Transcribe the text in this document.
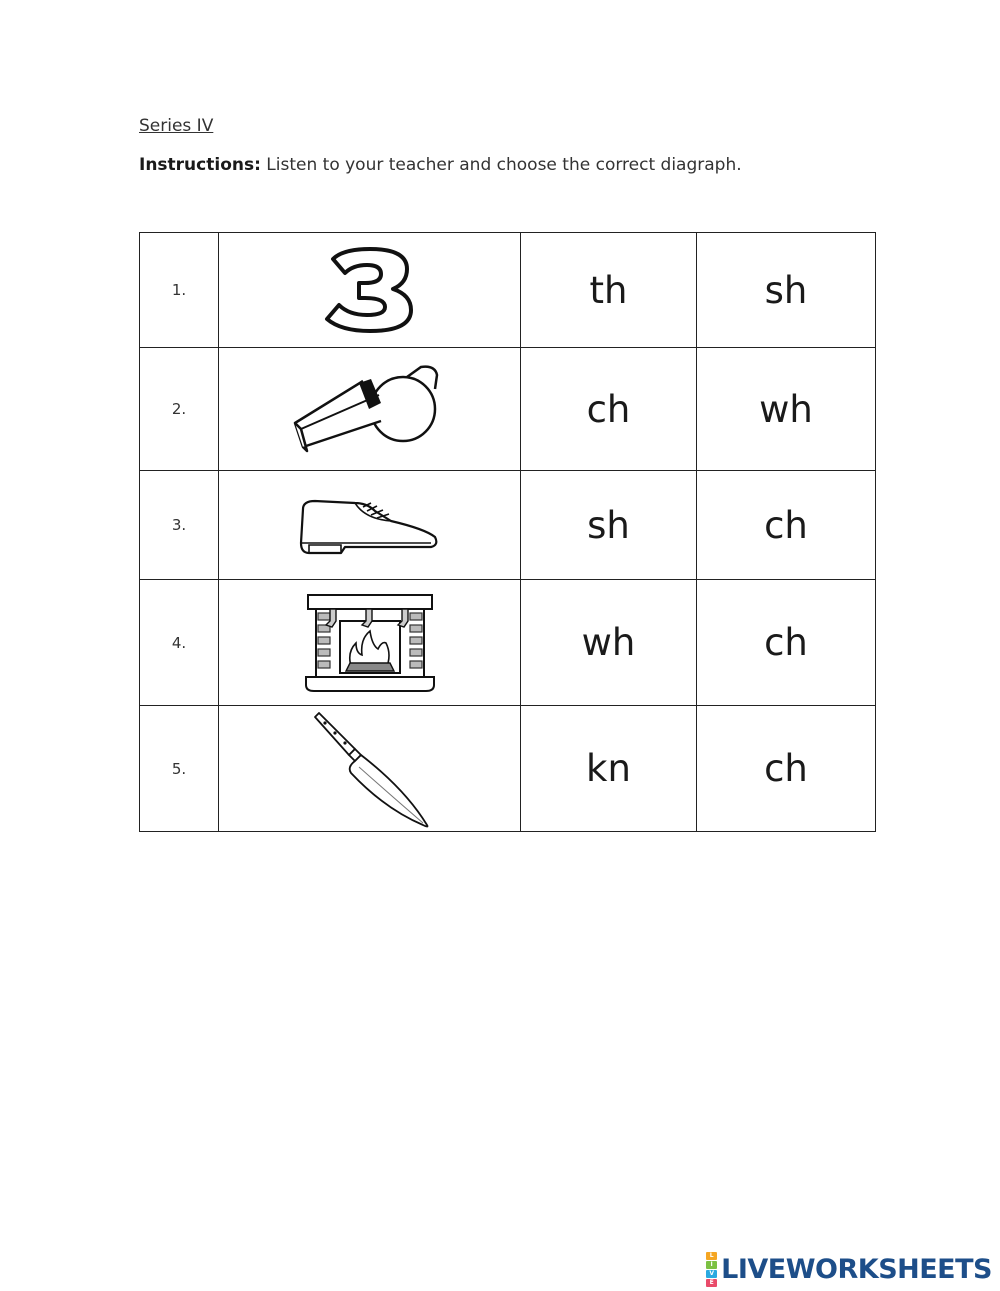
Series IV

Instructions: Listen to your teacher and choose the correct diagraph.

1.		th	sh
2.		ch	wh
3.		sh	ch
4.		wh	ch
5.		kn	ch
L
I
V
E LIVEWORKSHEETS
